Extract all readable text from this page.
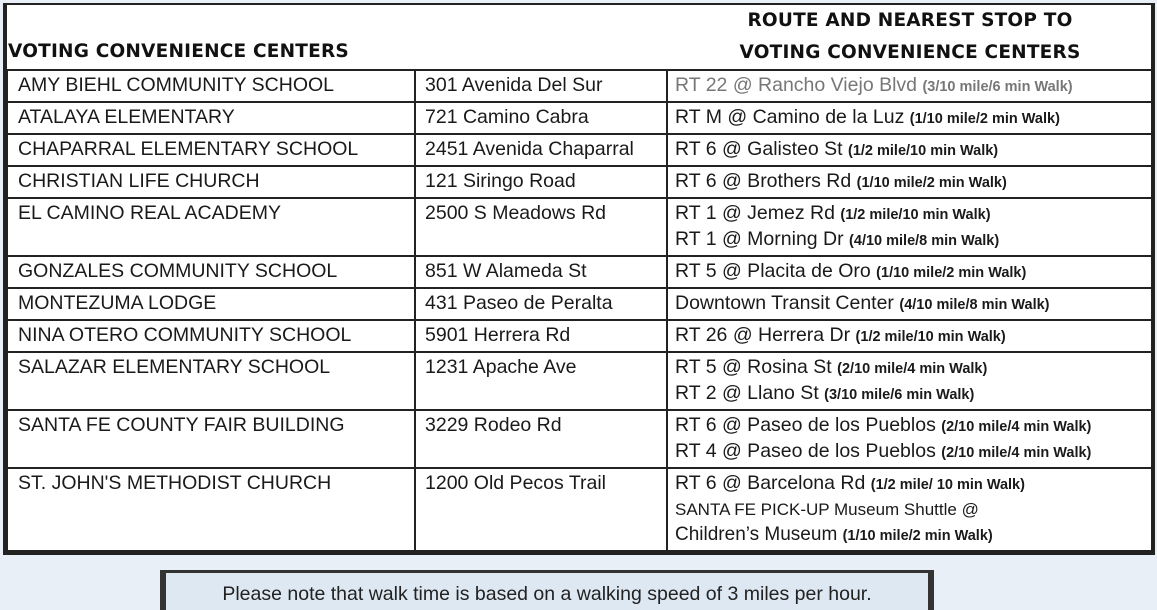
VOTING CONVENIENCE CENTERS
ROUTE AND NEAREST STOP TO
VOTING CONVENIENCE CENTERS
AMY BIEHL COMMUNITY SCHOOL	301 Avenida Del Sur	RT 22 @ Rancho Viejo Blvd (3/10 mile/6 min Walk)

ATALAYA ELEMENTARY	721 Camino Cabra	RT M @ Camino de la Luz (1/10 mile/2 min Walk)

CHAPARRAL ELEMENTARY SCHOOL	2451 Avenida Chaparral	RT 6 @ Galisteo St (1/2 mile/10 min Walk)

CHRISTIAN LIFE CHURCH	121 Siringo Road	RT 6 @ Brothers Rd (1/10 mile/2 min Walk)

EL CAMINO REAL ACADEMY	2500 S Meadows Rd	RT 1 @ Jemez Rd (1/2 mile/10 min Walk)
RT 1 @ Morning Dr (4/10 mile/8 min Walk)

GONZALES COMMUNITY SCHOOL	851 W Alameda St	RT 5 @ Placita de Oro (1/10 mile/2 min Walk)

MONTEZUMA LODGE	431 Paseo de Peralta	Downtown Transit Center (4/10 mile/8 min Walk)

NINA OTERO COMMUNITY SCHOOL	5901 Herrera Rd	RT 26 @ Herrera Dr (1/2 mile/10 min Walk)

SALAZAR ELEMENTARY SCHOOL	1231 Apache Ave	RT 5 @ Rosina St (2/10 mile/4 min Walk)
RT 2 @ Llano St (3/10 mile/6 min Walk)

SANTA FE COUNTY FAIR BUILDING	3229 Rodeo Rd	RT 6 @ Paseo de los Pueblos (2/10 mile/4 min Walk)
RT 4 @ Paseo de los Pueblos (2/10 mile/4 min Walk)

ST. JOHN'S METHODIST CHURCH	1200 Old Pecos Trail	RT 6 @ Barcelona Rd (1/2 mile/ 10 min Walk)
SANTA FE PICK-UP Museum Shuttle @
Children’s Museum (1/10 mile/2 min Walk)
Please note that walk time is based on a walking speed of 3 miles per hour.
